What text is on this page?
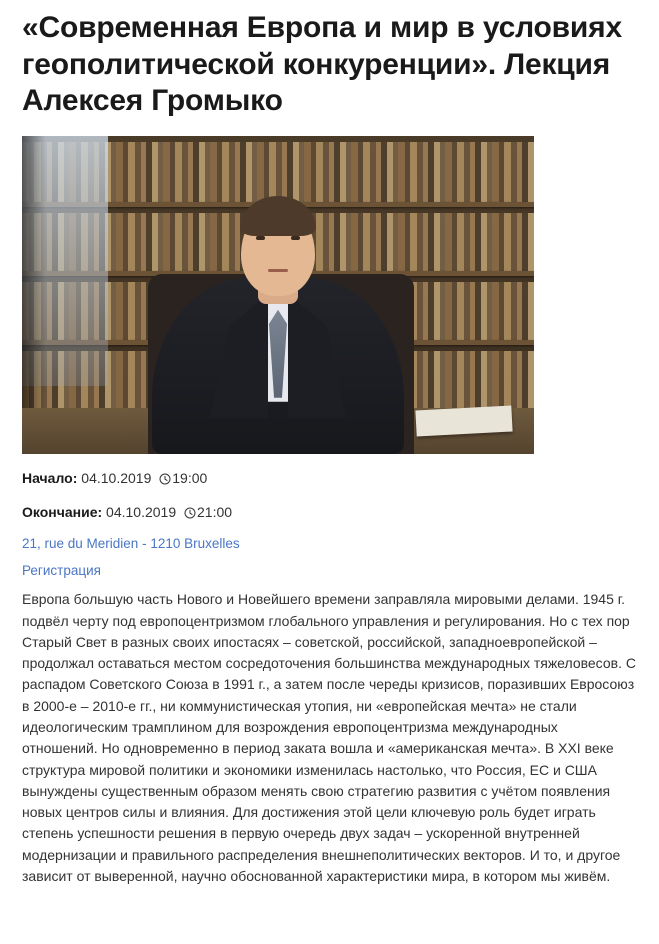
«Современная Европа и мир в условиях геополитической конкуренции». Лекция Алексея Громыко

Начало: 04.10.2019 19:00

Окончание: 04.10.2019 21:00

21, rue du Meridien - 1210 Bruxelles

Регистрация

Европа большую часть Нового и Новейшего времени заправляла мировыми делами. 1945 г. подвёл черту под европоцентризмом глобального управления и регулирования. Но с тех пор Старый Свет в разных своих ипостасях – советской, российской, западноевропейской – продолжал оставаться местом сосредоточения большинства международных тяжеловесов. С распадом Советского Союза в 1991 г., а затем после череды кризисов, поразивших Евросоюз в 2000-е – 2010-е гг., ни коммунистическая утопия, ни «европейская мечта» не стали идеологическим трамплином для возрождения европоцентризма международных отношений. Но одновременно в период заката вошла и «американская мечта». В XXI веке структура мировой политики и экономики изменилась настолько, что Россия, ЕС и США вынуждены существенным образом менять свою стратегию развития с учётом появления новых центров силы и влияния. Для достижения этой цели ключевую роль будет играть степень успешности решения в первую очередь двух задач – ускоренной внутренней модернизации и правильного распределения внешнеполитических векторов. И то, и другое зависит от выверенной, научно обоснованной характеристики мира, в котором мы живём.
